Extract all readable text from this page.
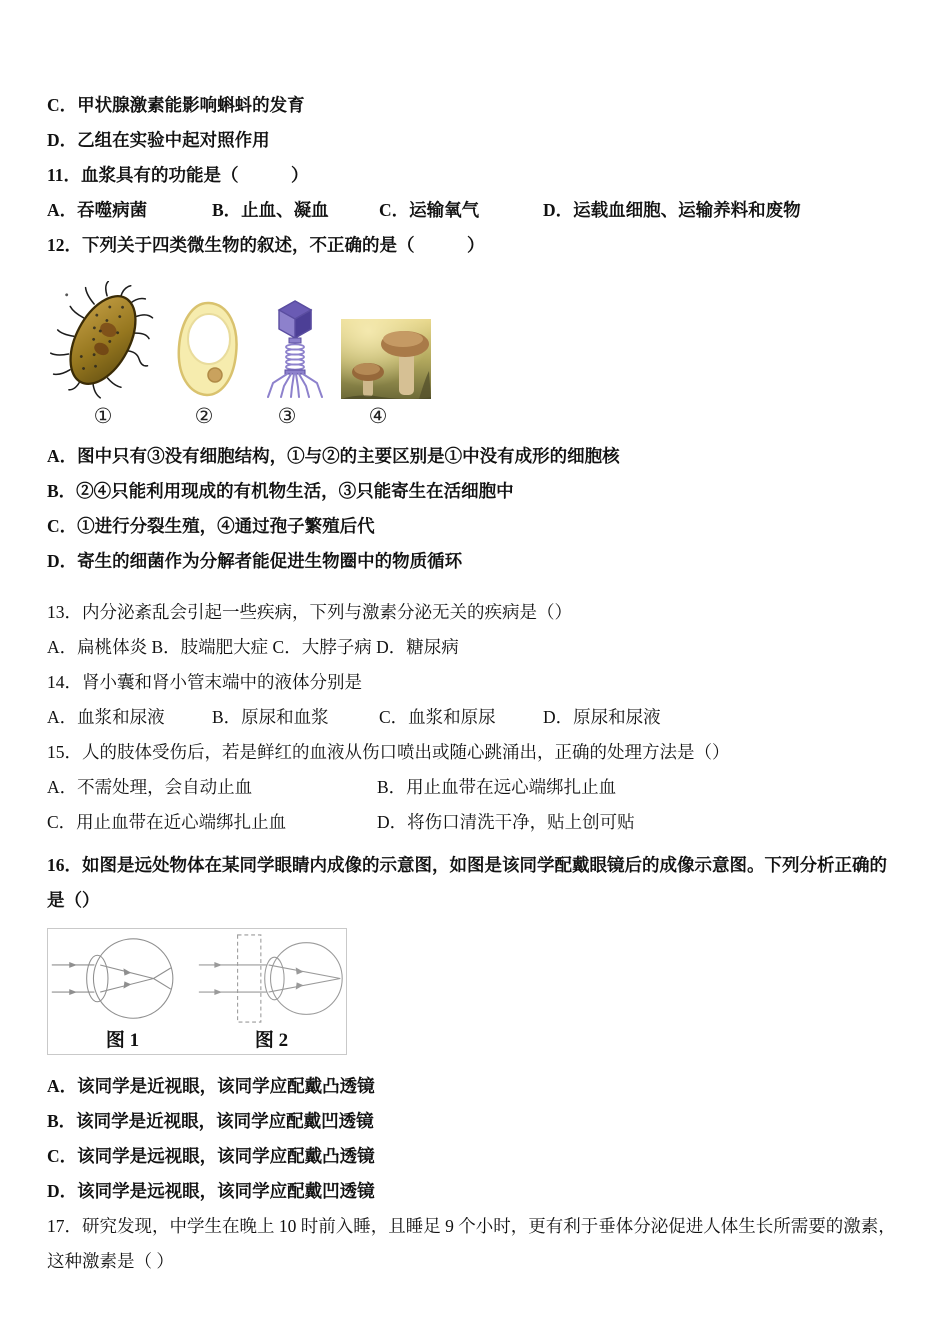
C．甲状腺激素能影响蝌蚪的发育

D．乙组在实验中起对照作用

11．血浆具有的功能是（　　　）

A．吞噬病菌	B．止血、凝血	C．运输氧气	D．运载血细胞、运输养料和废物

12．下列关于四类微生物的叙述，不正确的是（　　　）

①	②	③	④

A．图中只有③没有细胞结构，①与②的主要区别是①中没有成形的细胞核

B．②④只能利用现成的有机物生活，③只能寄生在活细胞中

C．①进行分裂生殖，④通过孢子繁殖后代

D．寄生的细菌作为分解者能促进生物圈中的物质循环

13．内分泌紊乱会引起一些疾病，下列与激素分泌无关的疾病是（）

A．扁桃体炎 B．肢端肥大症 C．大脖子病 D．糖尿病

14．肾小囊和肾小管末端中的液体分别是

A．血浆和尿液	B．原尿和血浆	C．血浆和原尿	D．原尿和尿液

15．人的肢体受伤后，若是鲜红的血液从伤口喷出或随心跳涌出，正确的处理方法是（）

A．不需处理，会自动止血	B．用止血带在远心端绑扎止血

C．用止血带在近心端绑扎止血	D．将伤口清洗干净，贴上创可贴

16．如图是远处物体在某同学眼睛内成像的示意图，如图是该同学配戴眼镜后的成像示意图。下列分析正确的是（）

图 1	图 2

A．该同学是近视眼，该同学应配戴凸透镜

B．该同学是近视眼，该同学应配戴凹透镜

C．该同学是远视眼，该同学应配戴凸透镜

D．该同学是远视眼，该同学应配戴凹透镜

17．研究发现，中学生在晚上 10 时前入睡，且睡足 9 个小时，更有利于垂体分泌促进人体生长所需要的激素，这种激素是（ ）
